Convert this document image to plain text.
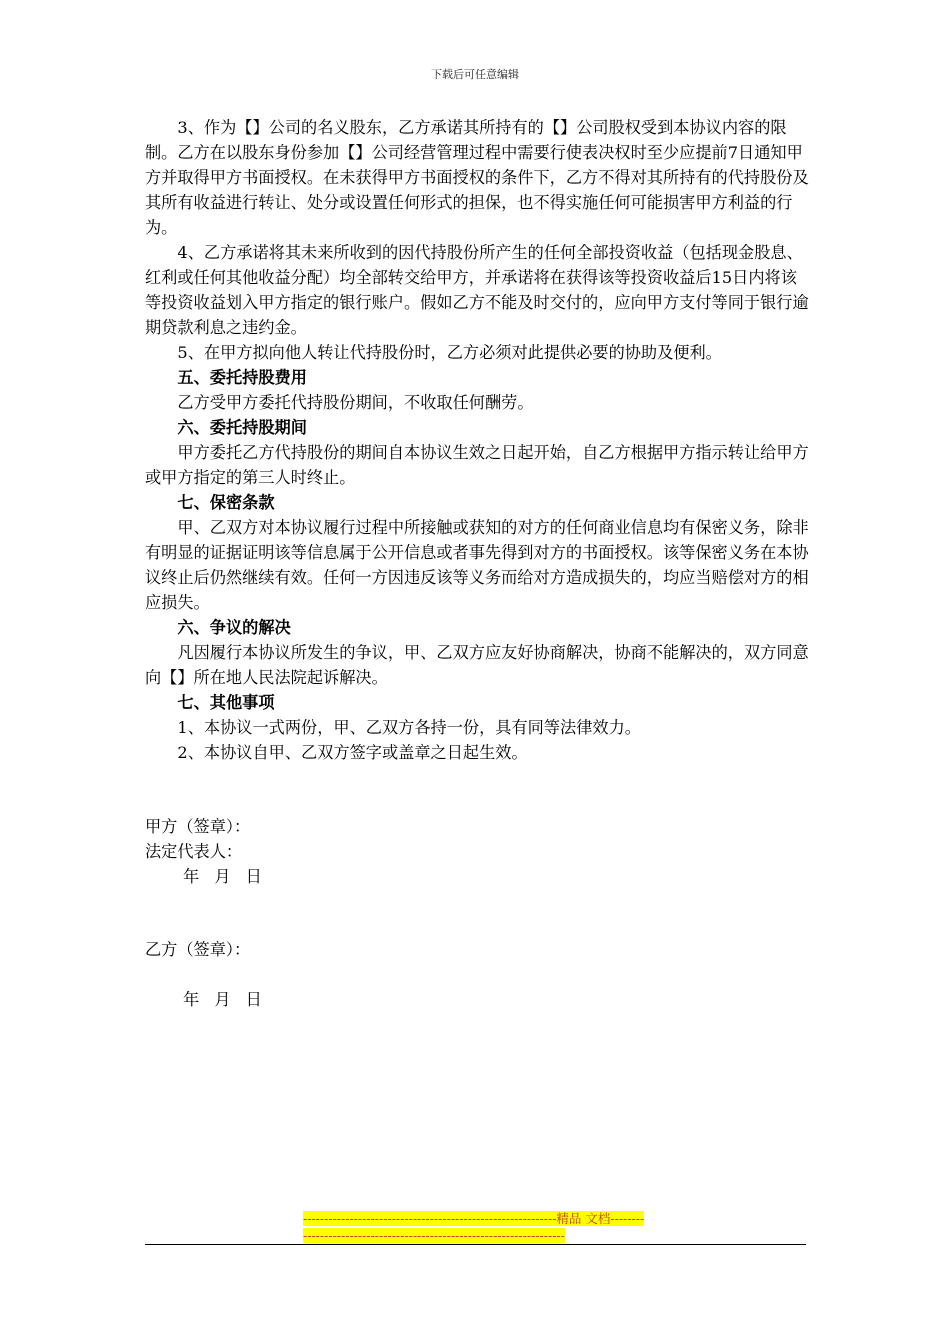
下载后可任意编辑

3、作为【】公司的名义股东，乙方承诺其所持有的【】公司股权受到本协议内容的限制。乙方在以股东身份参加【】公司经营管理过程中需要行使表决权时至少应提前7日通知甲方并取得甲方书面授权。在未获得甲方书面授权的条件下，乙方不得对其所持有的代持股份及其所有收益进行转让、处分或设置任何形式的担保，也不得实施任何可能损害甲方利益的行为。

4、乙方承诺将其未来所收到的因代持股份所产生的任何全部投资收益（包括现金股息、红利或任何其他收益分配）均全部转交给甲方，并承诺将在获得该等投资收益后15日内将该等投资收益划入甲方指定的银行账户。假如乙方不能及时交付的，应向甲方支付等同于银行逾期贷款利息之违约金。

5、在甲方拟向他人转让代持股份时，乙方必须对此提供必要的协助及便利。

五、委托持股费用

乙方受甲方委托代持股份期间，不收取任何酬劳。

六、委托持股期间

甲方委托乙方代持股份的期间自本协议生效之日起开始，自乙方根据甲方指示转让给甲方或甲方指定的第三人时终止。

七、保密条款

甲、乙双方对本协议履行过程中所接触或获知的对方的任何商业信息均有保密义务，除非有明显的证据证明该等信息属于公开信息或者事先得到对方的书面授权。该等保密义务在本协议终止后仍然继续有效。任何一方因违反该等义务而给对方造成损失的，均应当赔偿对方的相应损失。

六、争议的解决

凡因履行本协议所发生的争议，甲、乙双方应友好协商解决，协商不能解决的，双方同意向【】所在地人民法院起诉解决。

七、其他事项

1、本协议一式两份，甲、乙双方各持一份，具有同等法律效力。

2、本协议自甲、乙双方签字或盖章之日起生效。

甲方（签章）：

法定代表人：

年 月 日

乙方（签章）：

年 月 日

------------------------------------------------------------精品 文档----------------------------------------------------------------------
